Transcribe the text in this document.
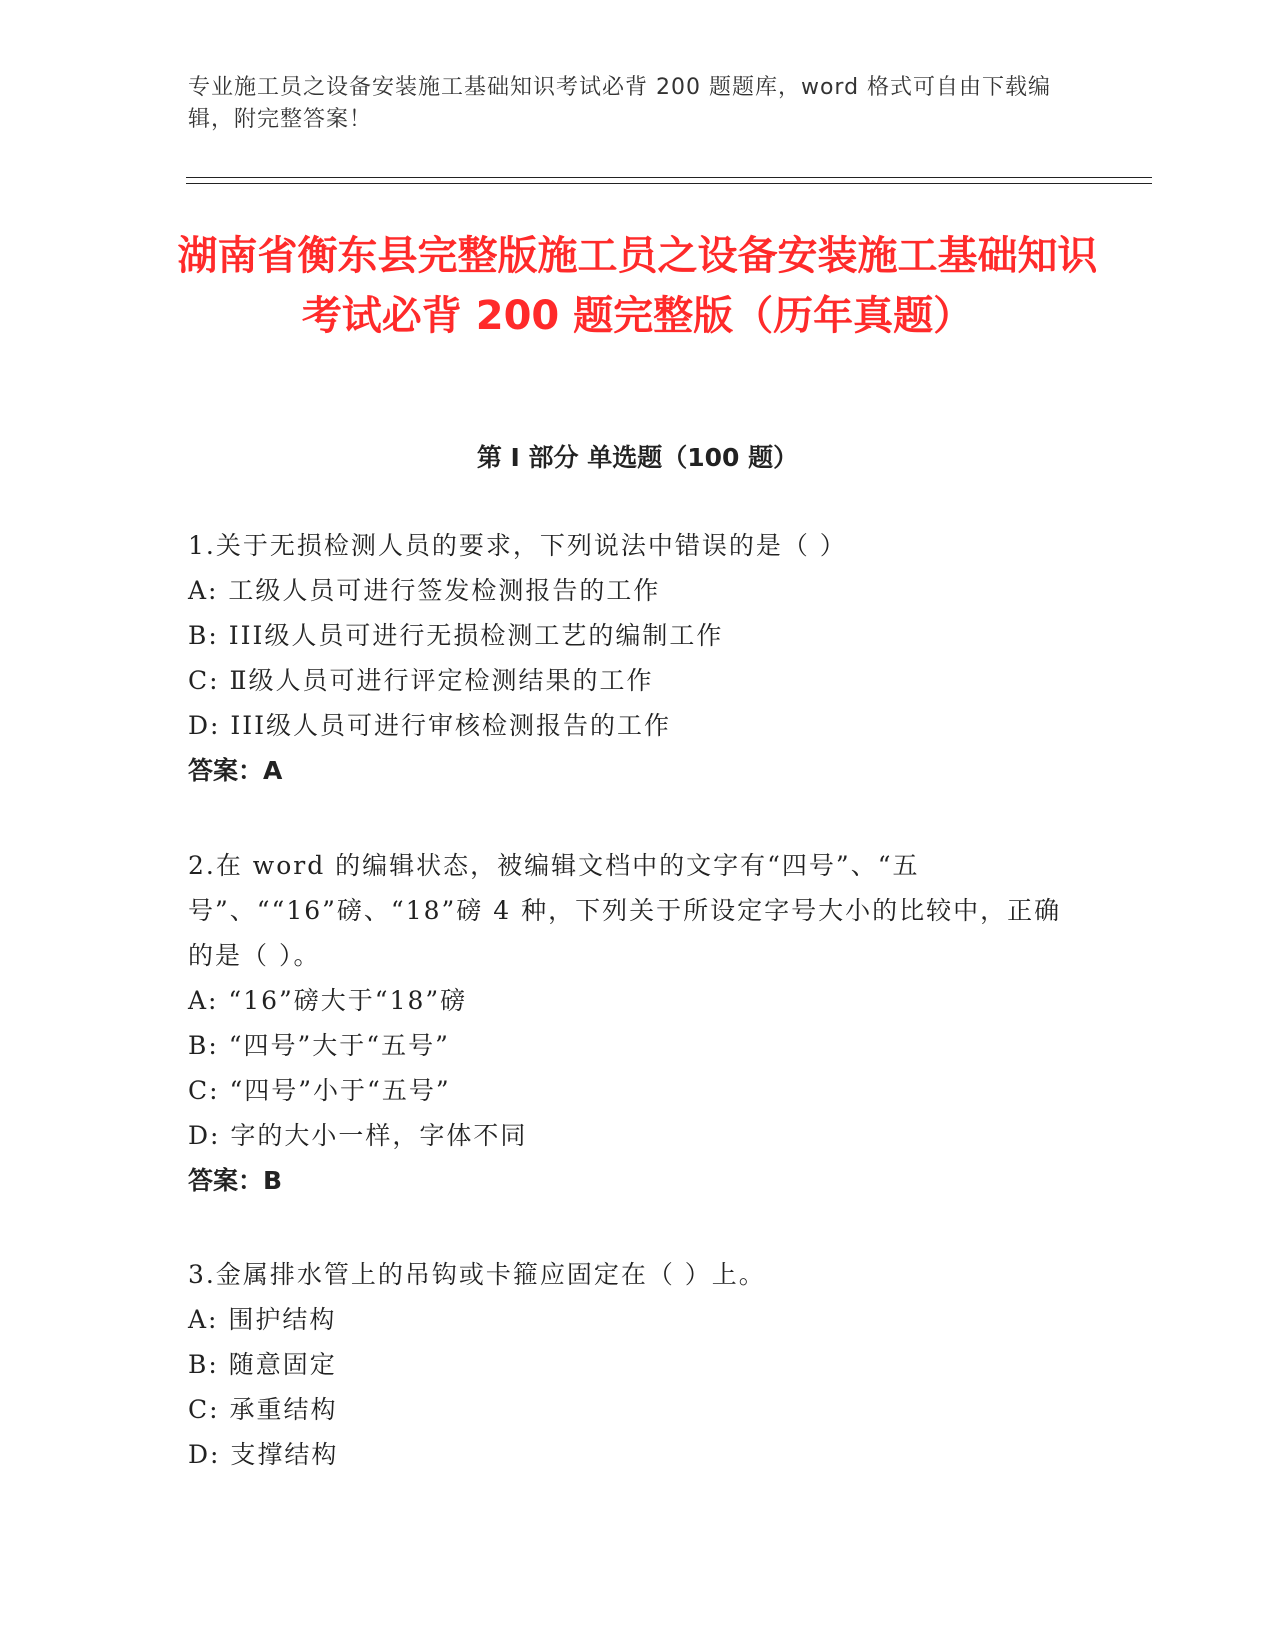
专业施工员之设备安装施工基础知识考试必背 200 题题库，word 格式可自由下载编辑，附完整答案！
湖南省衡东县完整版施工员之设备安装施工基础知识考试必背 200 题完整版（历年真题）
第 I 部分 单选题（100 题）
1.关于无损检测人员的要求，下列说法中错误的是（ ）
A: 工级人员可进行签发检测报告的工作
B: III级人员可进行无损检测工艺的编制工作
C: Ⅱ级人员可进行评定检测结果的工作
D: III级人员可进行审核检测报告的工作
答案：A
2.在 word 的编辑状态，被编辑文档中的文字有“四号”、“五号”、““16”磅、“18”磅 4 种，下列关于所设定字号大小的比较中，正确的是（ ）。
A: “16”磅大于“18”磅
B: “四号”大于“五号”
C: “四号”小于“五号”
D: 字的大小一样，字体不同
答案：B
3.金属排水管上的吊钩或卡箍应固定在（ ）上。
A: 围护结构
B: 随意固定
C: 承重结构
D: 支撑结构
